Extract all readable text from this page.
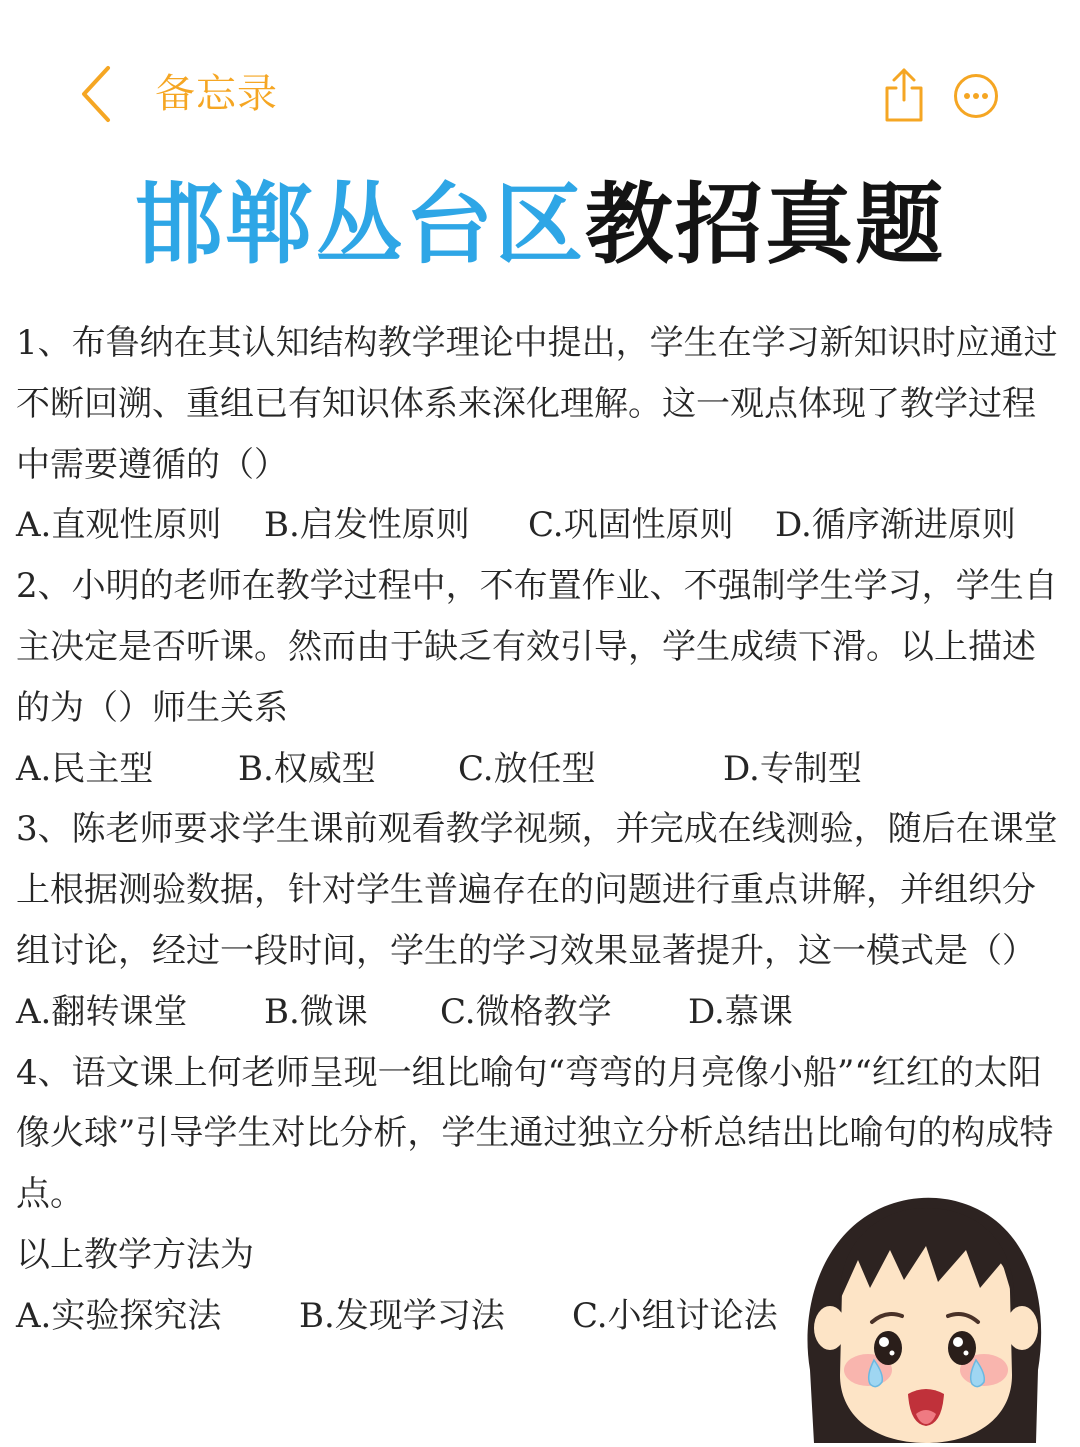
备忘录
邯郸丛台区教招真题

1、布鲁纳在其认知结构教学理论中提出，学生在学习新知识时应通过不断回溯、重组已有知识体系来深化理解。这一观点体现了教学过程中需要遵循的（）

A.直观性原则 B.启发性原则 C.巩固性原则 D.循序渐进原则

2、小明的老师在教学过程中，不布置作业、不强制学生学习，学生自主决定是否听课。然而由于缺乏有效引导，学生成绩下滑。以上描述的为（）师生关系

A.民主型 B.权威型 C.放任型	D.专制型

3、陈老师要求学生课前观看教学视频，并完成在线测验，随后在课堂上根据测验数据，针对学生普遍存在的问题进行重点讲解，并组织分组讨论，经过一段时间，学生的学习效果显著提升，这一模式是（）

A.翻转课堂 B.微课 C.微格教学 D.慕课

4、语文课上何老师呈现一组比喻句“弯弯的月亮像小船”“红红的太阳像火球”引导学生对比分析，学生通过独立分析总结出比喻句的构成特点。

以上教学方法为

A.实验探究法 B.发现学习法 C.小组讨论法
